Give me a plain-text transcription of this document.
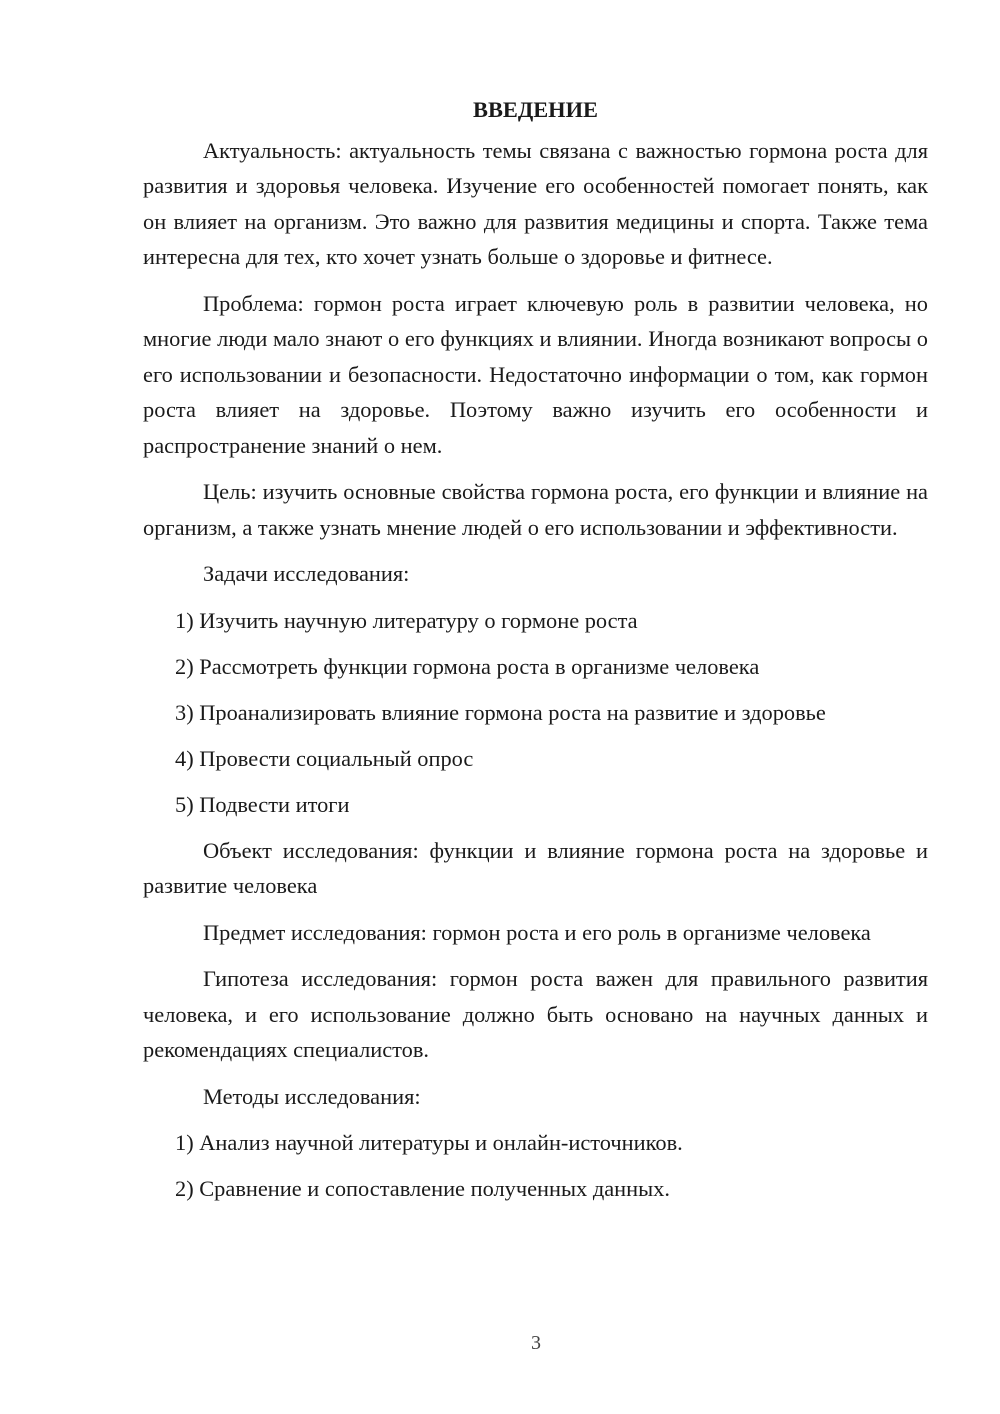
ВВЕДЕНИЕ

Актуальность: актуальность темы связана с важностью гормона роста для развития и здоровья человека. Изучение его особенностей помогает понять, как он влияет на организм. Это важно для развития медицины и спорта. Также тема интересна для тех, кто хочет узнать больше о здоровье и фитнесе.

Проблема: гормон роста играет ключевую роль в развитии человека, но многие люди мало знают о его функциях и влиянии. Иногда возникают вопросы о его использовании и безопасности. Недостаточно информации о том, как гормон роста влияет на здоровье. Поэтому важно изучить его особенности и распространение знаний о нем.

Цель: изучить основные свойства гормона роста, его функции и влияние на организм, а также узнать мнение людей о его использовании и эффективности.

Задачи исследования:

1) Изучить научную литературу о гормоне роста

2) Рассмотреть функции гормона роста в организме человека

3) Проанализировать влияние гормона роста на развитие и здоровье

4) Провести социальный опрос

5) Подвести итоги

Объект исследования: функции и влияние гормона роста на здоровье и развитие человека

Предмет исследования: гормон роста и его роль в организме человека

Гипотеза исследования: гормон роста важен для правильного развития человека, и его использование должно быть основано на научных данных и рекомендациях специалистов.

Методы исследования:

1) Анализ научной литературы и онлайн-источников.

2) Сравнение и сопоставление полученных данных.

3
